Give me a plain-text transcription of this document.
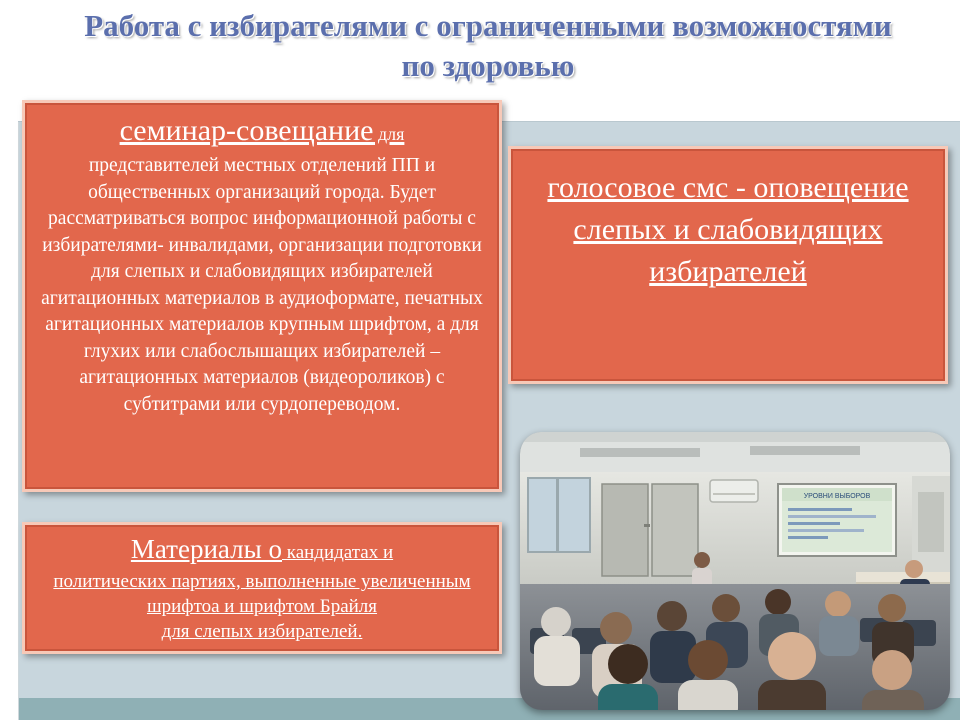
Работа с избирателями с ограниченными возможностями по здоровью
семинар-совещание для
представителей местных отделений ПП и общественных организаций города. Будет рассматриваться вопрос информационной работы с избирателями- инвалидами, организации подготовки для слепых и слабовидящих избирателей агитационных материалов в аудиоформате, печатных агитационных материалов крупным шрифтом, а для глухих или слабослышащих избирателей – агитационных материалов (видеороликов) с субтитрами или сурдопереводом.
голосовое смс - оповещение слепых и слабовидящих избирателей
Материалы о кандидатах и
политических партиях, выполненные увеличенным
шрифтоа и шрифтом Брайля
для слепых избирателей.
УРОВНИ ВЫБОРОВ
